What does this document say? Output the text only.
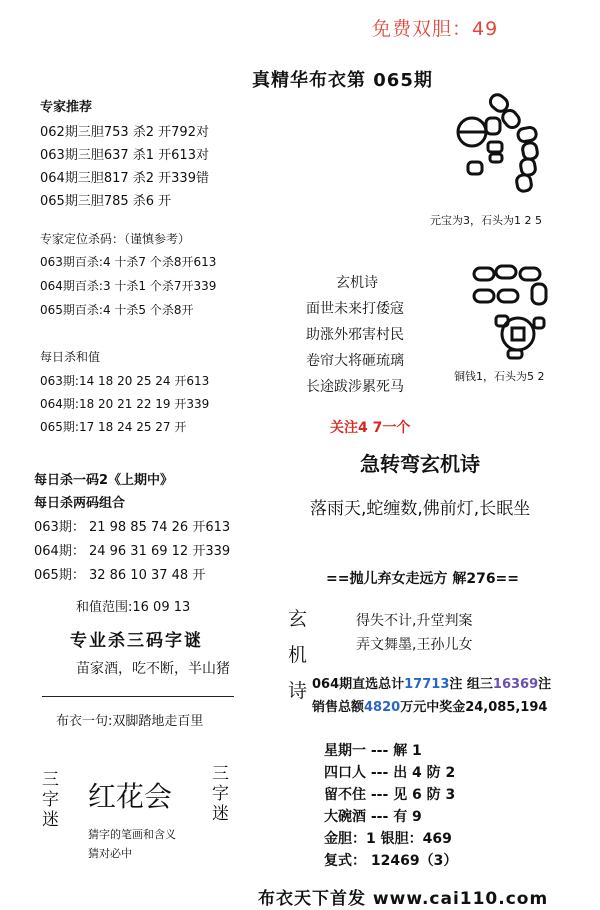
免费双胆：49
真精华布衣第 065期
专家推荐
062期三胆753 杀2 开792对
063期三胆637 杀1 开613对
064期三胆817 杀2 开339错
065期三胆785 杀6 开
专家定位杀码：（谨慎参考）
063期百杀:4 十杀7 个杀8开613
064期百杀:3 十杀1 个杀7开339
065期百杀:4 十杀5 个杀8开
每日杀和值
063期:14 18 20 25 24 开613
064期:18 20 21 22 19 开339
065期:17 18 24 25 27 开
每日杀一码2《上期中》
每日杀两码组合
063期： 21 98 85 74 26 开613
064期： 24 96 31 69 12 开339
065期： 32 86 10 37 48 开
和值范围:16 09 13
专业杀三码字谜
苗家酒，吃不断，半山猪
布衣一句:双脚踏地走百里
三字迷
红花会
三字迷
猜字的笔画和含义
猜对必中
元宝为3，石头为1 2 5
铜钱1，石头为5 2
玄机诗
面世未来打倭寇
助涨外邪害村民
卷帘大将砸琉璃
长途跋涉累死马
关注4 7一个
急转弯玄机诗
落雨天,蛇缠数,佛前灯,长眠坐
==抛儿弃女走远方 解276==
玄
机
诗
得失不计,升堂判案
弄文舞墨,王孙儿女
064期直选总计17713注 组三16369注
销售总额4820万元中奖金24,085,194
星期一 --- 解 1
四口人 --- 出 4 防 2
留不住 --- 见 6 防 3
大碗酒 --- 有 9
金胆：1 银胆：469
复式： 12469（3）
布衣天下首发 www.cai110.com
